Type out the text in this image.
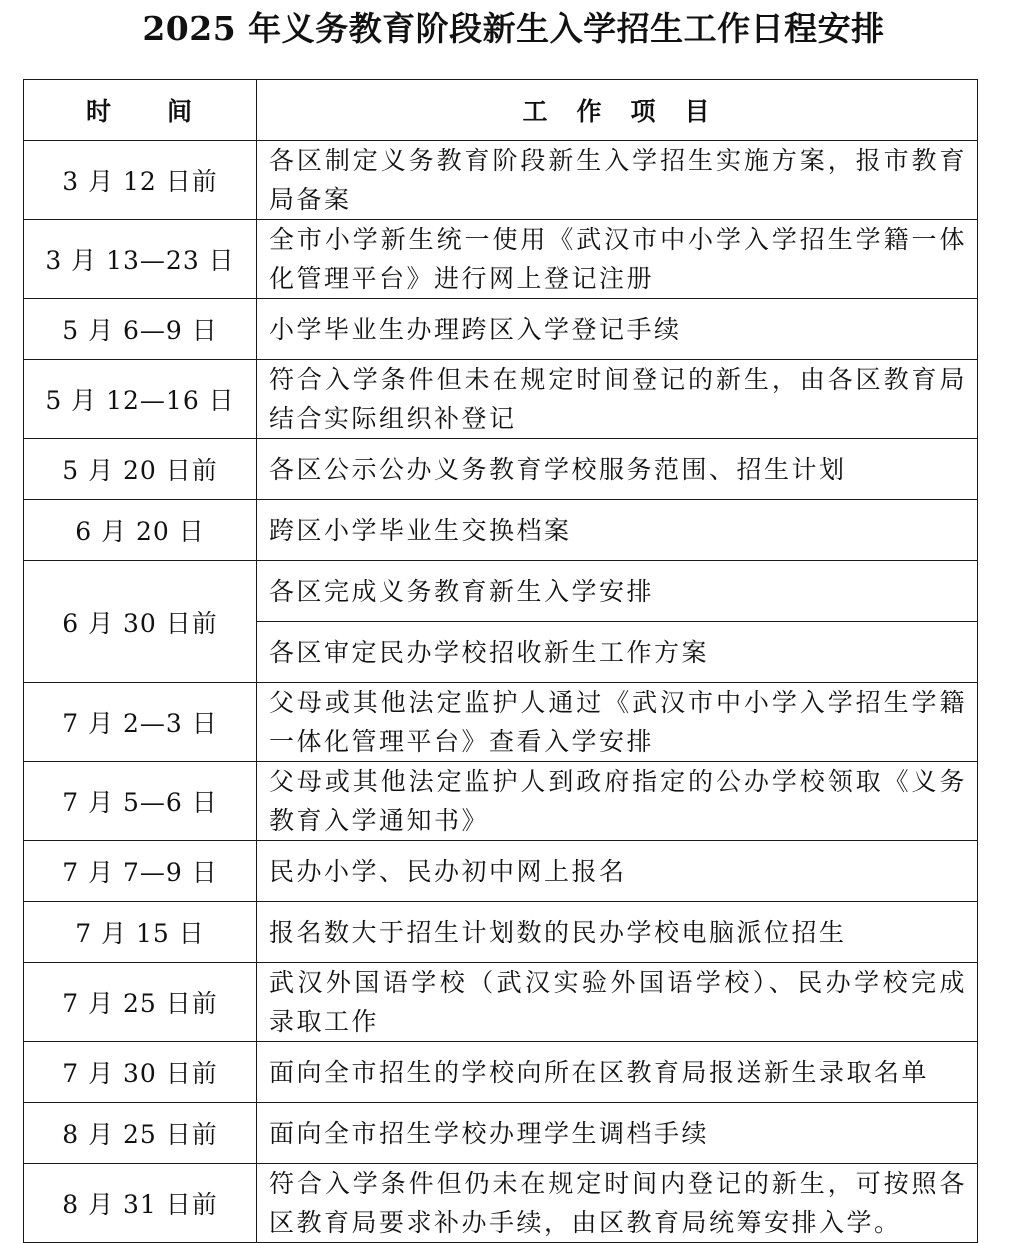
2025 年义务教育阶段新生入学招生工作日程安排
时　　间	工　作　项　目
3 月 12 日前	各区制定义务教育阶段新生入学招生实施方案，报市教育局备案
3 月 13—23 日	全市小学新生统一使用《武汉市中小学入学招生学籍一体化管理平台》进行网上登记注册
5 月 6—9 日	小学毕业生办理跨区入学登记手续
5 月 12—16 日	符合入学条件但未在规定时间登记的新生，由各区教育局结合实际组织补登记
5 月 20 日前	各区公示公办义务教育学校服务范围、招生计划
6 月 20 日	跨区小学毕业生交换档案
6 月 30 日前	各区完成义务教育新生入学安排
	各区审定民办学校招收新生工作方案
7 月 2—3 日	父母或其他法定监护人通过《武汉市中小学入学招生学籍一体化管理平台》查看入学安排
7 月 5—6 日	父母或其他法定监护人到政府指定的公办学校领取《义务教育入学通知书》
7 月 7—9 日	民办小学、民办初中网上报名
7 月 15 日	报名数大于招生计划数的民办学校电脑派位招生
7 月 25 日前	武汉外国语学校（武汉实验外国语学校）、民办学校完成录取工作
7 月 30 日前	面向全市招生的学校向所在区教育局报送新生录取名单
8 月 25 日前	面向全市招生学校办理学生调档手续
8 月 31 日前	符合入学条件但仍未在规定时间内登记的新生，可按照各区教育局要求补办手续，由区教育局统筹安排入学。
